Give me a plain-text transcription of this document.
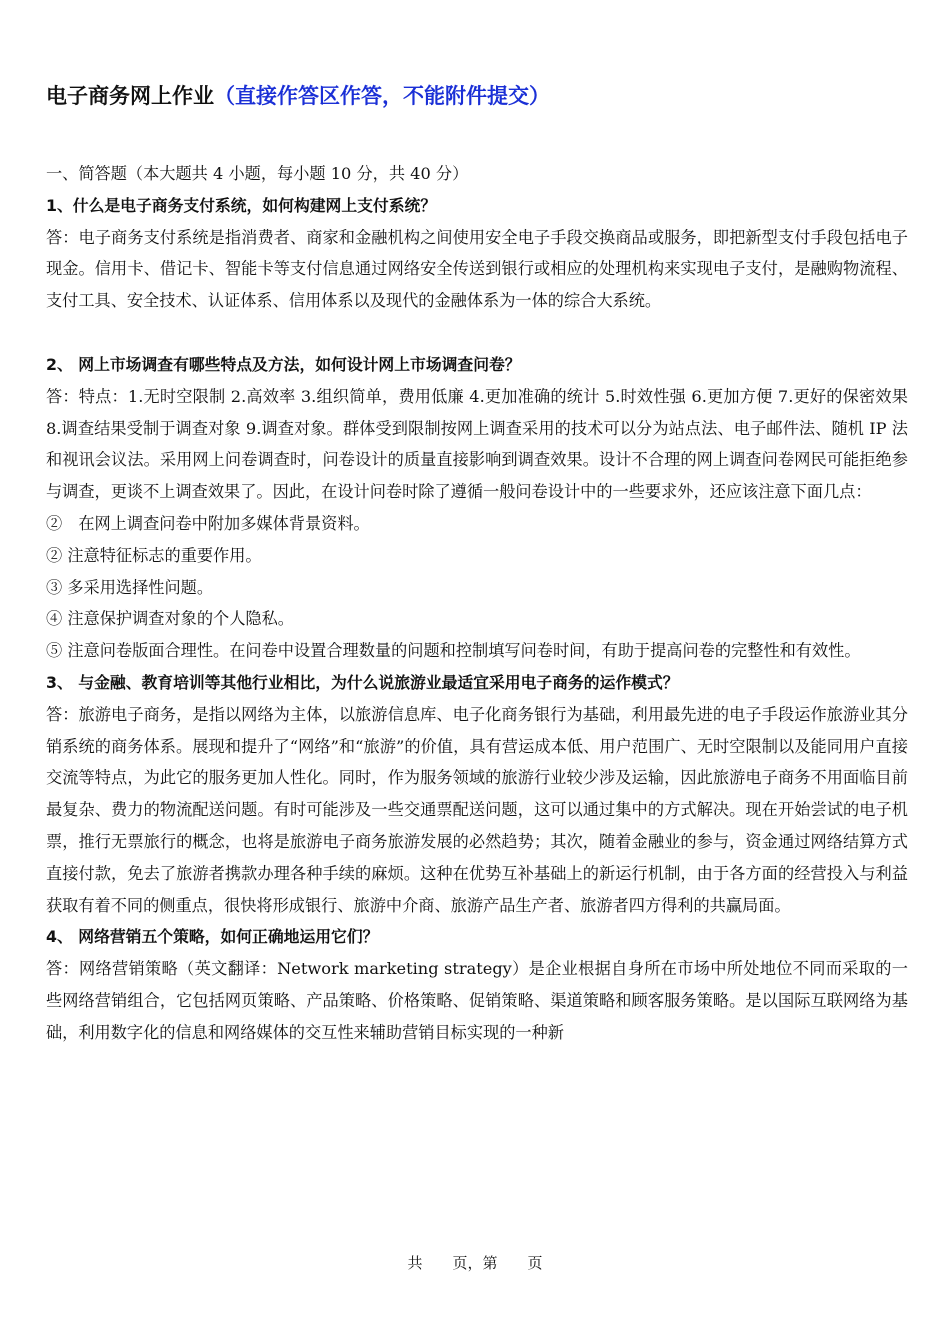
电子商务网上作业（直接作答区作答，不能附件提交）

一、简答题（本大题共 4 小题，每小题 10 分，共 40 分）

1、什么是电子商务支付系统，如何构建网上支付系统？

答：电子商务支付系统是指消费者、商家和金融机构之间使用安全电子手段交换商品或服务，即把新型支付手段包括电子现金。信用卡、借记卡、智能卡等支付信息通过网络安全传送到银行或相应的处理机构来实现电子支付，是融购物流程、支付工具、安全技术、认证体系、信用体系以及现代的金融体系为一体的综合大系统。

2、 网上市场调查有哪些特点及方法，如何设计网上市场调查问卷？

答：特点：1.无时空限制 2.高效率 3.组织简单，费用低廉 4.更加准确的统计 5.时效性强 6.更加方便 7.更好的保密效果 8.调查结果受制于调查对象 9.调查对象。群体受到限制按网上调查采用的技术可以分为站点法、电子邮件法、随机 IP 法和视讯会议法。采用网上问卷调查时，问卷设计的质量直接影响到调查效果。设计不合理的网上调查问卷网民可能拒绝参与调查，更谈不上调查效果了。因此，在设计问卷时除了遵循一般问卷设计中的一些要求外，还应该注意下面几点：

②　在网上调查问卷中附加多媒体背景资料。

② 注意特征标志的重要作用。

③ 多采用选择性问题。

④ 注意保护调查对象的个人隐私。

⑤ 注意问卷版面合理性。在问卷中设置合理数量的问题和控制填写问卷时间，有助于提高问卷的完整性和有效性。

3、 与金融、教育培训等其他行业相比，为什么说旅游业最适宜采用电子商务的运作模式？

答：旅游电子商务，是指以网络为主体，以旅游信息库、电子化商务银行为基础，利用最先进的电子手段运作旅游业其分销系统的商务体系。展现和提升了“网络”和“旅游”的价值，具有营运成本低、用户范围广、无时空限制以及能同用户直接交流等特点，为此它的服务更加人性化。同时，作为服务领域的旅游行业较少涉及运输，因此旅游电子商务不用面临目前最复杂、费力的物流配送问题。有时可能涉及一些交通票配送问题，这可以通过集中的方式解决。现在开始尝试的电子机票，推行无票旅行的概念，也将是旅游电子商务旅游发展的必然趋势；其次，随着金融业的参与，资金通过网络结算方式直接付款，免去了旅游者携款办理各种手续的麻烦。这种在优势互补基础上的新运行机制，由于各方面的经营投入与利益获取有着不同的侧重点，很快将形成银行、旅游中介商、旅游产品生产者、旅游者四方得利的共赢局面。

4、 网络营销五个策略，如何正确地运用它们？

答：网络营销策略（英文翻译：Network marketing strategy）是企业根据自身所在市场中所处地位不同而采取的一些网络营销组合，它包括网页策略、产品策略、价格策略、促销策略、渠道策略和顾客服务策略。是以国际互联网络为基础，利用数字化的信息和网络媒体的交互性来辅助营销目标实现的一种新

共　　页，第　　页
